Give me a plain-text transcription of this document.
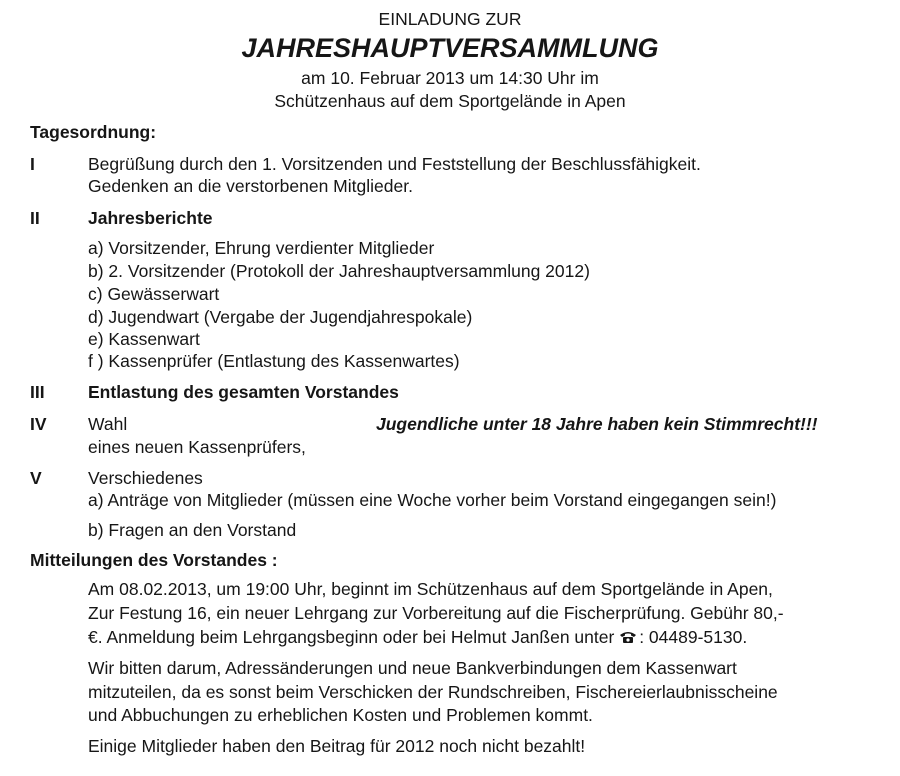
EINLADUNG ZUR
JAHRESHAUPTVERSAMMLUNG
am 10. Februar 2013 um 14:30 Uhr im
Schützenhaus auf dem Sportgelände in Apen
Tagesordnung:
I	Begrüßung durch den 1. Vorsitzenden und Feststellung der Beschlussfähigkeit.
Gedenken an die verstorbenen Mitglieder.
II	Jahresberichte
a) Vorsitzender, Ehrung verdienter Mitglieder
b) 2. Vorsitzender (Protokoll der Jahreshauptversammlung 2012)
c) Gewässerwart
d) Jugendwart (Vergabe der Jugendjahrespokale)
e) Kassenwart
f ) Kassenprüfer (Entlastung des Kassenwartes)
III Entlastung des gesamten Vorstandes
IV Wahl	Jugendliche unter 18 Jahre haben kein Stimmrecht!!!
eines neuen Kassenprüfers,
V	Verschiedenes
a) Anträge von Mitglieder (müssen eine Woche vorher beim Vorstand eingegangen sein!)
b) Fragen an den Vorstand
Mitteilungen des Vorstandes :
Am 08.02.2013, um 19:00 Uhr, beginnt im Schützenhaus auf dem Sportgelände in Apen,
Zur Festung 16, ein neuer Lehrgang zur Vorbereitung auf die Fischerprüfung. Gebühr 80,-
€. Anmeldung beim Lehrgangsbeginn oder bei Helmut Janßen unter : 04489-5130.
Wir bitten darum, Adressänderungen und neue Bankverbindungen dem Kassenwart
mitzuteilen, da es sonst beim Verschicken der Rundschreiben, Fischereierlaubnisscheine
und Abbuchungen zu erheblichen Kosten und Problemen kommt.
Einige Mitglieder haben den Beitrag für 2012 noch nicht bezahlt!
